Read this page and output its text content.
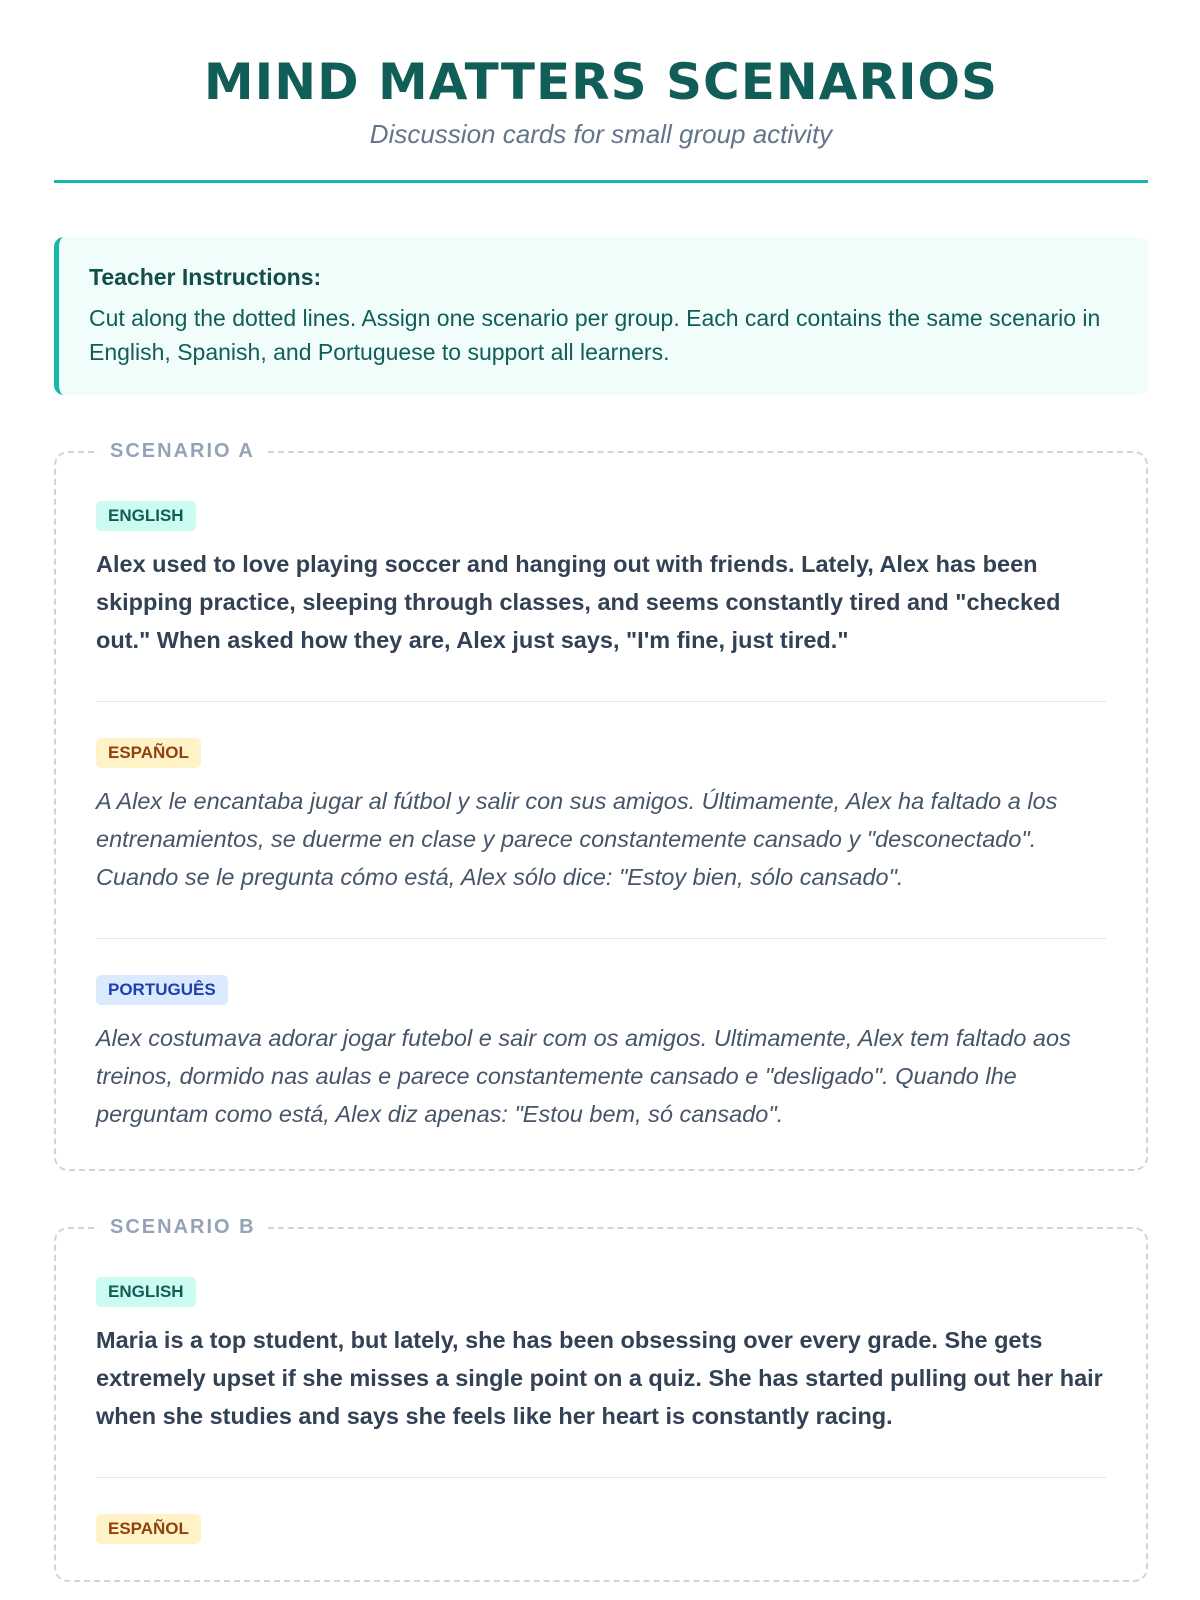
MIND MATTERS SCENARIOS
Discussion cards for small group activity
Teacher Instructions:
Cut along the dotted lines. Assign one scenario per group. Each card contains the same scenario in English, Spanish, and Portuguese to support all learners.
SCENARIO A
ENGLISH
Alex used to love playing soccer and hanging out with friends. Lately, Alex has been skipping practice, sleeping through classes, and seems constantly tired and "checked out." When asked how they are, Alex just says, "I'm fine, just tired."
ESPAÑOL
A Alex le encantaba jugar al fútbol y salir con sus amigos. Últimamente, Alex ha faltado a los entrenamientos, se duerme en clase y parece constantemente cansado y "desconectado". Cuando se le pregunta cómo está, Alex sólo dice: "Estoy bien, sólo cansado".
PORTUGUÊS
Alex costumava adorar jogar futebol e sair com os amigos. Ultimamente, Alex tem faltado aos treinos, dormido nas aulas e parece constantemente cansado e "desligado". Quando lhe perguntam como está, Alex diz apenas: "Estou bem, só cansado".
SCENARIO B
ENGLISH
Maria is a top student, but lately, she has been obsessing over every grade. She gets extremely upset if she misses a single point on a quiz. She has started pulling out her hair when she studies and says she feels like her heart is constantly racing.
ESPAÑOL
